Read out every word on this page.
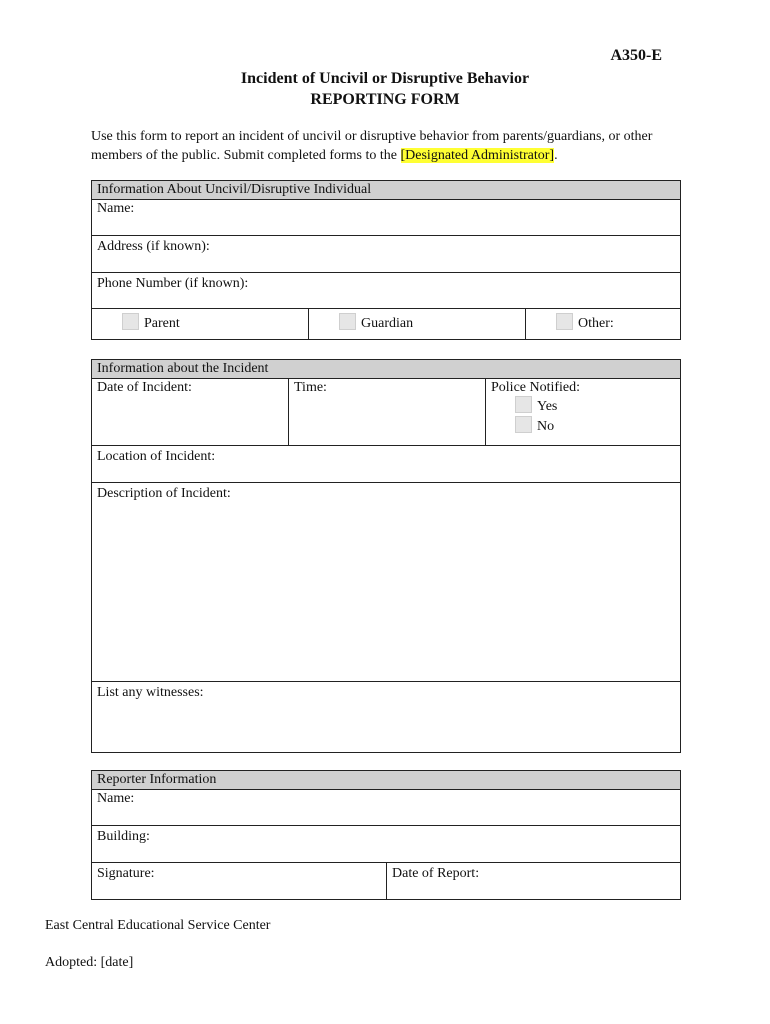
A350-E
Incident of Uncivil or Disruptive Behavior
REPORTING FORM
Use this form to report an incident of uncivil or disruptive behavior from parents/guardians, or other members of the public. Submit completed forms to the [Designated Administrator].
Information About Uncivil/Disruptive Individual
Name:
Address (if known):
Phone Number (if known):
Parent	Guardian	Other:
Information about the Incident
Date of Incident:	Time:	Police Notified:
Yes
No

Location of Incident:
Description of Incident:
List any witnesses:
Reporter Information
Name:
Building:
Signature:	Date of Report:
East Central Educational Service Center
Adopted: [date]
